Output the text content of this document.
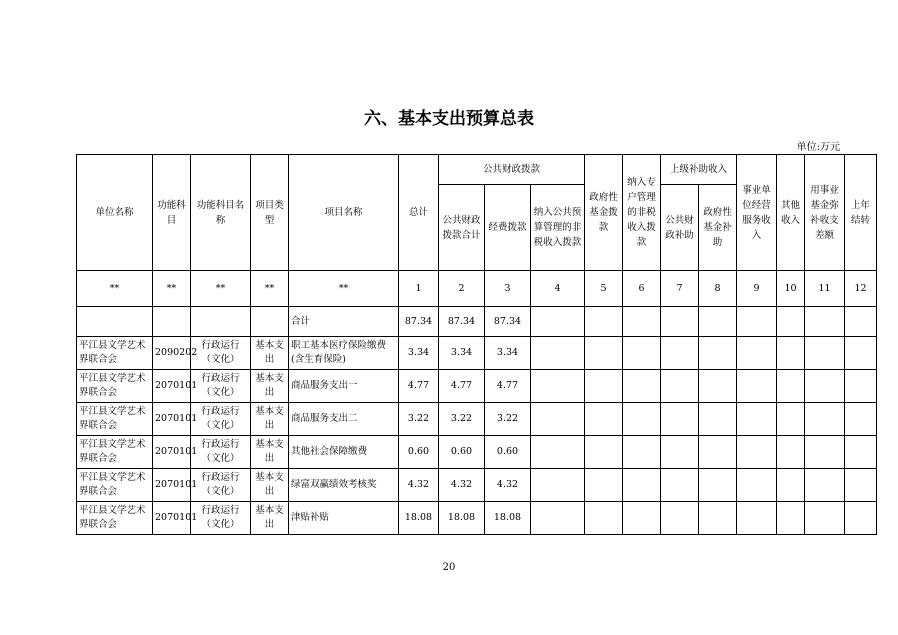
六、基本支出预算总表
单位:万元
单位名称	功能科目	功能科目名称	项目类型	项目名称	总计	公共财政拨款			政府性基金拨款	纳入专户管理的非税收入拨款	上级补助收入		事业单位经营服务收入	其他收入	用事业基金弥补收支差额	上年结转
						公共财政拨款合计	经费拨款	纳入公共预算管理的非税收入拨款			公共财政补助	政府性基金补助				
**	**	**	**	**	1	2	3	4	5	6	7	8	9	10	11	12
				合计	87.34	87.34	87.34									
平江县文学艺术界联合会	2090202	行政运行（文化）	基本支出	职工基本医疗保险缴费(含生育保险)	3.34	3.34	3.34									
平江县文学艺术界联合会	2070101	行政运行（文化）	基本支出	商品服务支出一	4.77	4.77	4.77									
平江县文学艺术界联合会	2070101	行政运行（文化）	基本支出	商品服务支出二	3.22	3.22	3.22									
平江县文学艺术界联合会	2070101	行政运行（文化）	基本支出	其他社会保障缴费	0.60	0.60	0.60									
平江县文学艺术界联合会	2070101	行政运行（文化）	基本支出	绿富双赢绩效考核奖	4.32	4.32	4.32									
平江县文学艺术界联合会	2070101	行政运行（文化）	基本支出	津贴补贴	18.08	18.08	18.08									
20
